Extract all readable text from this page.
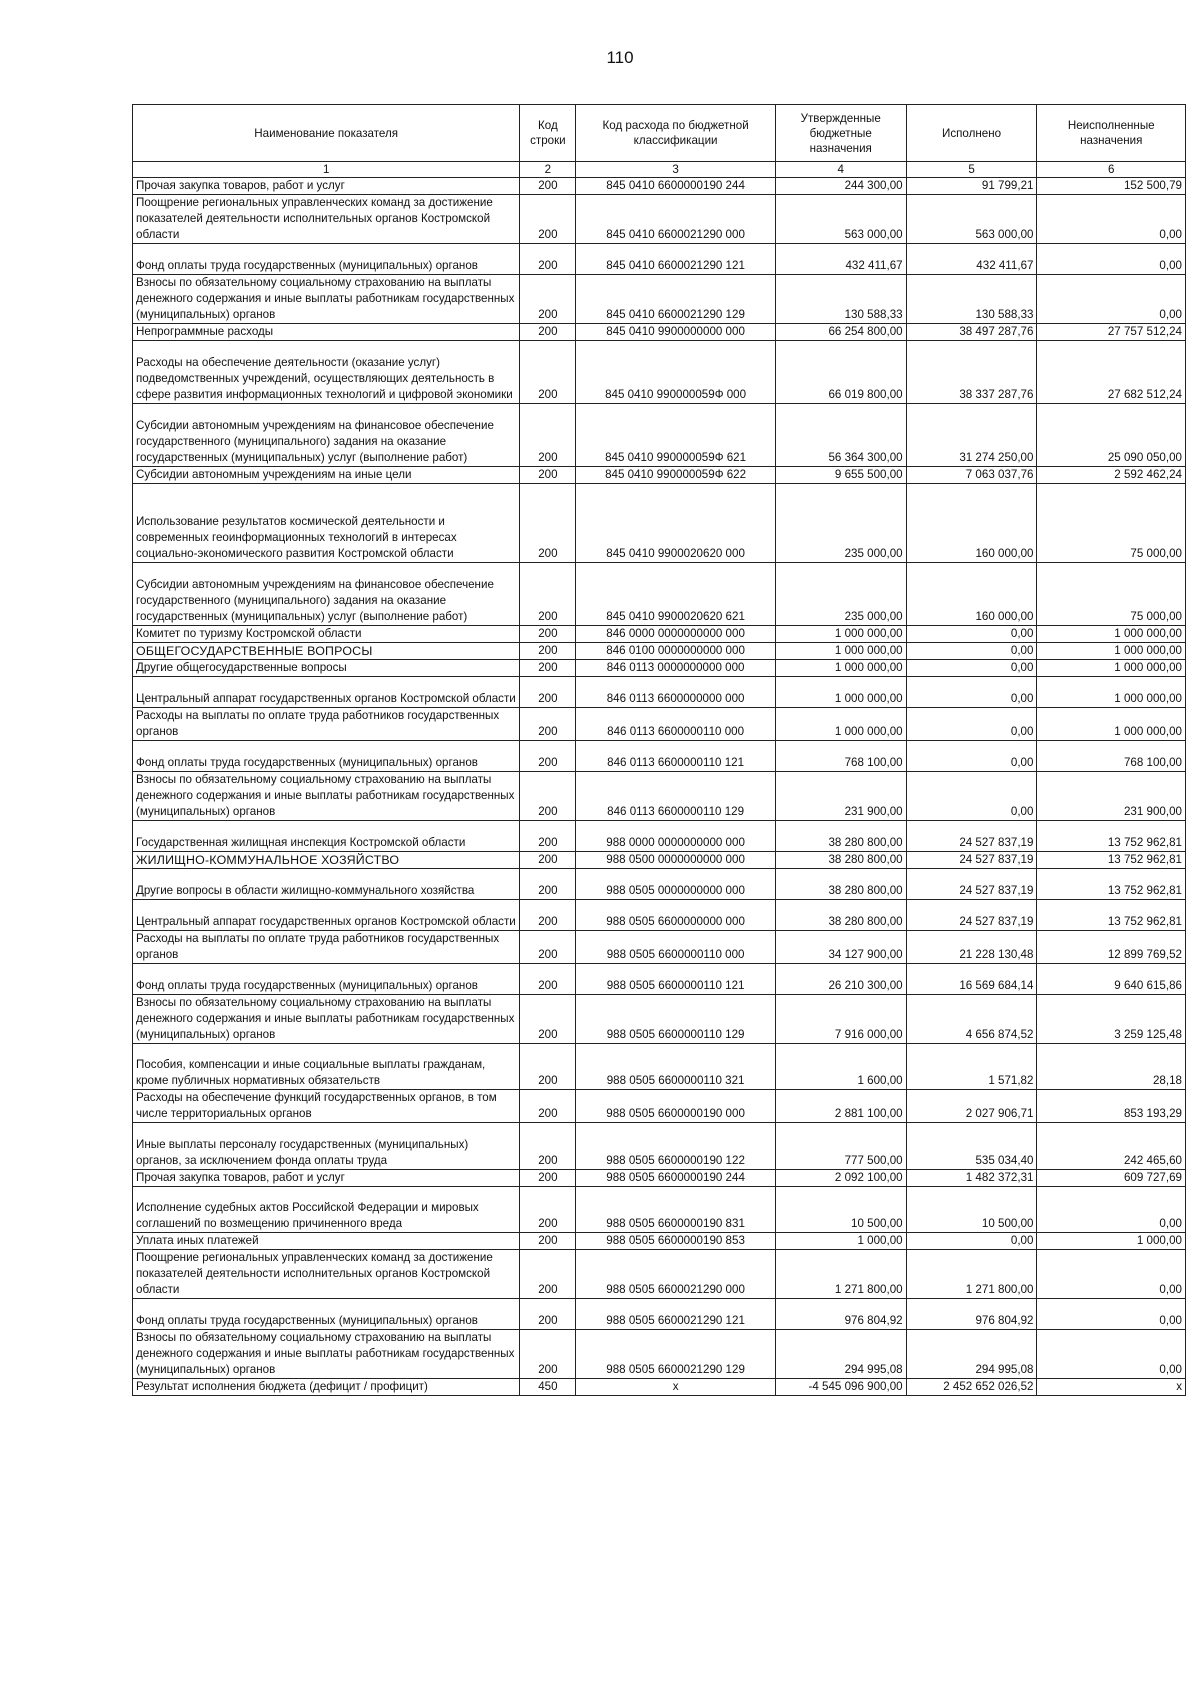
110
Наименование показателя	Код строки	Код расхода по бюджетной классификации	Утвержденные бюджетные назначения	Исполнено	Неисполненные назначения
1	2	3	4	5	6
Прочая закупка товаров, работ и услуг	200	845 0410 6600000190 244	244 300,00	91 799,21	152 500,79
Поощрение региональных управленческих команд за достижение показателей деятельности исполнительных органов Костромской области	200	845 0410 6600021290 000	563 000,00	563 000,00	0,00
Фонд оплаты труда государственных (муниципальных) органов	200	845 0410 6600021290 121	432 411,67	432 411,67	0,00
Взносы по обязательному социальному страхованию на выплаты денежного содержания и иные выплаты работникам государственных (муниципальных) органов	200	845 0410 6600021290 129	130 588,33	130 588,33	0,00
Непрограммные расходы	200	845 0410 9900000000 000	66 254 800,00	38 497 287,76	27 757 512,24
Расходы на обеспечение деятельности (оказание услуг) подведомственных учреждений, осуществляющих деятельность в сфере развития информационных технологий и цифровой экономики	200	845 0410 990000059Ф 000	66 019 800,00	38 337 287,76	27 682 512,24
Субсидии автономным учреждениям на финансовое обеспечение государственного (муниципального) задания на оказание государственных (муниципальных) услуг (выполнение работ)	200	845 0410 990000059Ф 621	56 364 300,00	31 274 250,00	25 090 050,00
Субсидии автономным учреждениям на иные цели	200	845 0410 990000059Ф 622	9 655 500,00	7 063 037,76	2 592 462,24
Использование результатов космической деятельности и современных геоинформационных технологий в интересах социально-экономического развития Костромской области	200	845 0410 9900020620 000	235 000,00	160 000,00	75 000,00
Субсидии автономным учреждениям на финансовое обеспечение государственного (муниципального) задания на оказание государственных (муниципальных) услуг (выполнение работ)	200	845 0410 9900020620 621	235 000,00	160 000,00	75 000,00
Комитет по туризму Костромской области	200	846 0000 0000000000 000	1 000 000,00	0,00	1 000 000,00
ОБЩЕГОСУДАРСТВЕННЫЕ ВОПРОСЫ	200	846 0100 0000000000 000	1 000 000,00	0,00	1 000 000,00
Другие общегосударственные вопросы	200	846 0113 0000000000 000	1 000 000,00	0,00	1 000 000,00
Центральный аппарат государственных органов Костромской области	200	846 0113 6600000000 000	1 000 000,00	0,00	1 000 000,00
Расходы на выплаты по оплате труда работников государственных органов	200	846 0113 6600000110 000	1 000 000,00	0,00	1 000 000,00
Фонд оплаты труда государственных (муниципальных) органов	200	846 0113 6600000110 121	768 100,00	0,00	768 100,00
Взносы по обязательному социальному страхованию на выплаты денежного содержания и иные выплаты работникам государственных (муниципальных) органов	200	846 0113 6600000110 129	231 900,00	0,00	231 900,00
Государственная жилищная инспекция Костромской области	200	988 0000 0000000000 000	38 280 800,00	24 527 837,19	13 752 962,81
ЖИЛИЩНО-КОММУНАЛЬНОЕ ХОЗЯЙСТВО	200	988 0500 0000000000 000	38 280 800,00	24 527 837,19	13 752 962,81
Другие вопросы в области жилищно-коммунального хозяйства	200	988 0505 0000000000 000	38 280 800,00	24 527 837,19	13 752 962,81
Центральный аппарат государственных органов Костромской области	200	988 0505 6600000000 000	38 280 800,00	24 527 837,19	13 752 962,81
Расходы на выплаты по оплате труда работников государственных органов	200	988 0505 6600000110 000	34 127 900,00	21 228 130,48	12 899 769,52
Фонд оплаты труда государственных (муниципальных) органов	200	988 0505 6600000110 121	26 210 300,00	16 569 684,14	9 640 615,86
Взносы по обязательному социальному страхованию на выплаты денежного содержания и иные выплаты работникам государственных (муниципальных) органов	200	988 0505 6600000110 129	7 916 000,00	4 656 874,52	3 259 125,48
Пособия, компенсации и иные социальные выплаты гражданам, кроме публичных нормативных обязательств	200	988 0505 6600000110 321	1 600,00	1 571,82	28,18
Расходы на обеспечение функций государственных органов, в том числе территориальных органов	200	988 0505 6600000190 000	2 881 100,00	2 027 906,71	853 193,29
Иные выплаты персоналу государственных (муниципальных) органов, за исключением фонда оплаты труда	200	988 0505 6600000190 122	777 500,00	535 034,40	242 465,60
Прочая закупка товаров, работ и услуг	200	988 0505 6600000190 244	2 092 100,00	1 482 372,31	609 727,69
Исполнение судебных актов Российской Федерации и мировых соглашений по возмещению причиненного вреда	200	988 0505 6600000190 831	10 500,00	10 500,00	0,00
Уплата иных платежей	200	988 0505 6600000190 853	1 000,00	0,00	1 000,00
Поощрение региональных управленческих команд за достижение показателей деятельности исполнительных органов Костромской области	200	988 0505 6600021290 000	1 271 800,00	1 271 800,00	0,00
Фонд оплаты труда государственных (муниципальных) органов	200	988 0505 6600021290 121	976 804,92	976 804,92	0,00
Взносы по обязательному социальному страхованию на выплаты денежного содержания и иные выплаты работникам государственных (муниципальных) органов	200	988 0505 6600021290 129	294 995,08	294 995,08	0,00
Результат исполнения бюджета (дефицит / профицит)	450	x	-4 545 096 900,00	2 452 652 026,52	x
